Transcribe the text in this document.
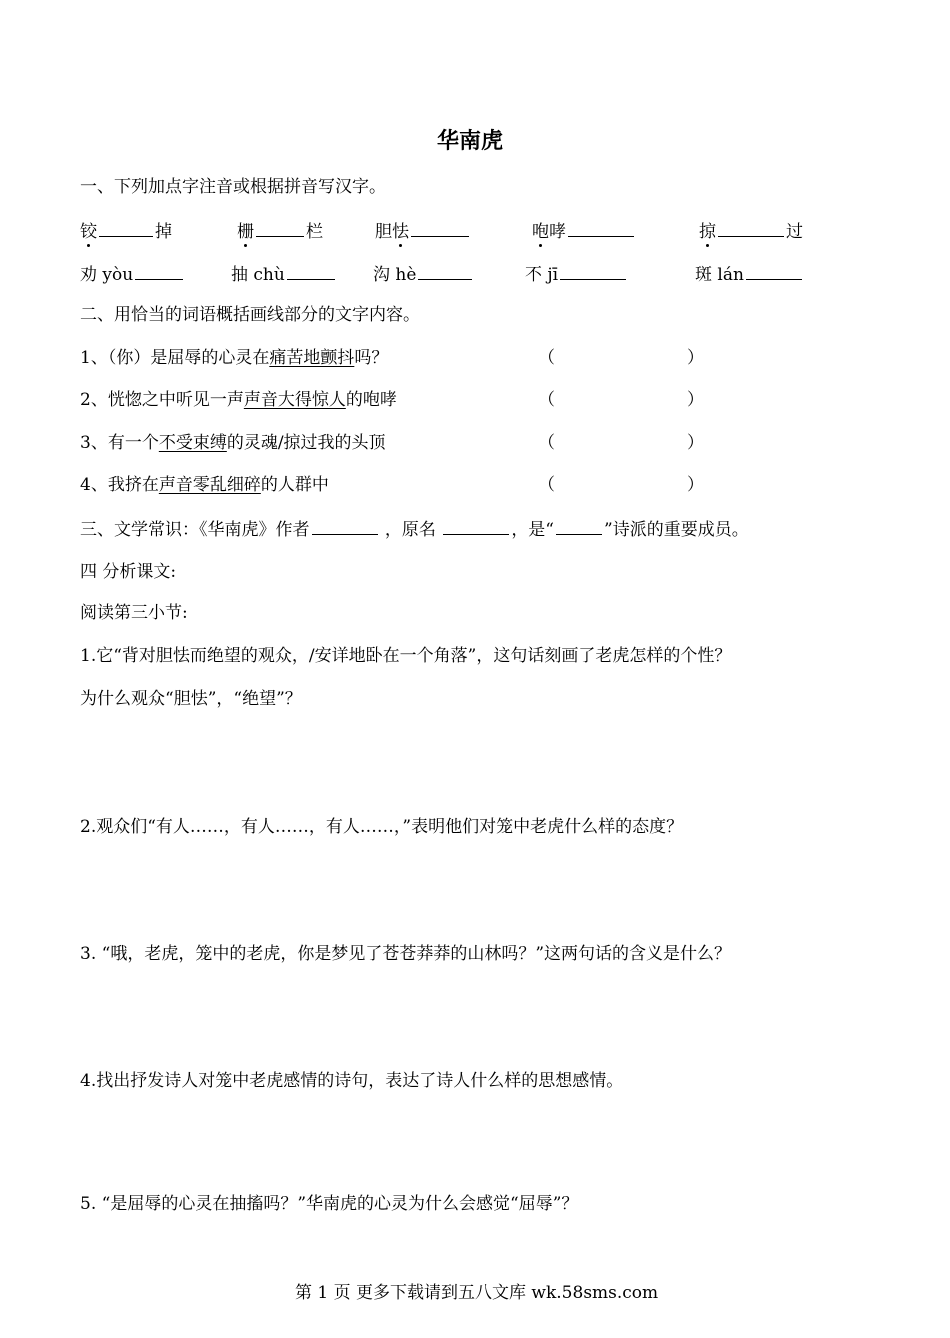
华南虎
一、下列加点字注音或根据拼音写汉字。
铰	掉	栅	栏	胆怯	咆哮	掠	过
劝 yòu	抽 chù	沟 hè	不 jī	斑 lán
二、用恰当的词语概括画线部分的文字内容。
1、（你）是屈辱的心灵在痛苦地颤抖吗？	（	）
2、恍惚之中听见一声声音大得惊人的咆哮	（	）
3、有一个不受束缚的灵魂/掠过我的头顶	（	）
4、我挤在声音零乱细碎的人群中	（	）
三、文学常识：《华南虎》作者	，原名	，是“	”诗派的重要成员。
四 分析课文:
阅读第三小节:
1.它“背对胆怯而绝望的观众，/安详地卧在一个角落”，这句话刻画了老虎怎样的个性？
为什么观众“胆怯”，“绝望”？
2.观众们“有人……，有人……，有人……，”表明他们对笼中老虎什么样的态度？
3. “哦，老虎，笼中的老虎，你是梦见了苍苍莽莽的山林吗？”这两句话的含义是什么？
4.找出抒发诗人对笼中老虎感情的诗句，表达了诗人什么样的思想感情。
5. “是屈辱的心灵在抽搐吗？”华南虎的心灵为什么会感觉“屈辱”？
第 1 页 更多下载请到五八文库 wk.58sms.com
